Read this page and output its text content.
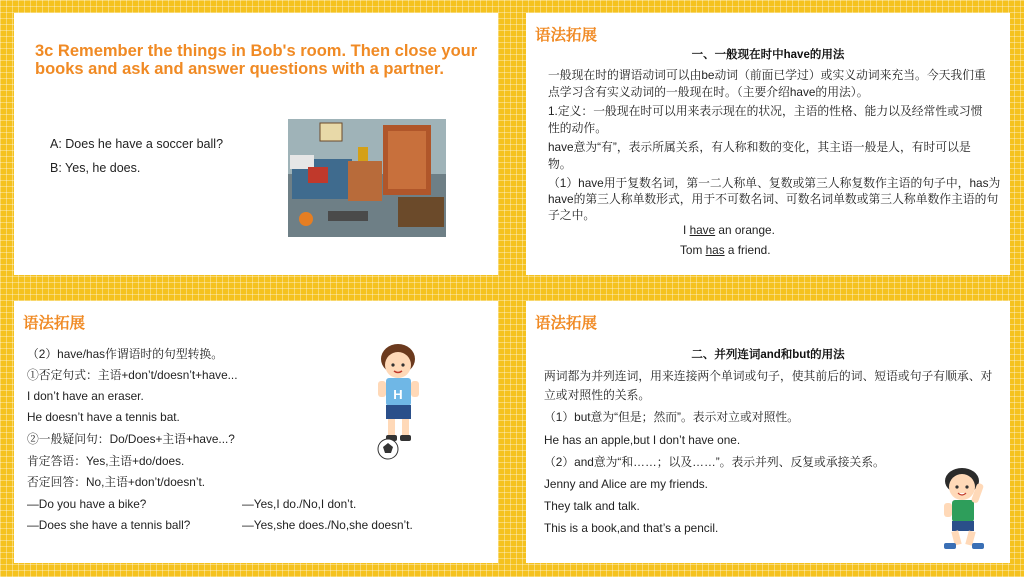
3c Remember the things in Bob's room. Then close your books and ask and answer questions with a partner.
A: Does he have a soccer ball?
B: Yes, he does.
语法拓展
一、一般现在时中have的用法
一般现在时的谓语动词可以由be动词（前面已学过）或实义动词来充当。今天我们重点学习含有实义动词的一般现在时。（主要介绍have的用法）。
1.定义：一般现在时可以用来表示现在的状况，主语的性格、能力以及经常性或习惯性的动作。
have意为“有”，表示所属关系，有人称和数的变化，其主语一般是人，有时可以是物。
（1）have用于复数名词，第一二人称单、复数或第三人称复数作主语的句子中，has为have的第三人称单数形式，用于不可数名词、可数名词单数或第三人称单数作主语的句子之中。
I have an orange.
Tom has a friend.
语法拓展
（2）have/has作谓语时的句型转换。
①否定句式：主语+don’t/doesn’t+have...
I don’t have an eraser.
He doesn’t have a tennis bat.
②一般疑问句：Do/Does+主语+have...?
肯定答语：Yes,主语+do/does.
否定回答：No,主语+don’t/doesn’t.
—Do you have a bike?	—Yes,I do./No,I don’t.
—Does she have a tennis ball?	—Yes,she does./No,she doesn’t.
H
语法拓展
二、并列连词and和but的用法
两词都为并列连词，用来连接两个单词或句子，使其前后的词、短语或句子有顺承、对立或对照性的关系。
（1）but意为“但是；然而”。表示对立或对照性。
He has an apple,but I don’t have one.
（2）and意为“和……；以及……”。表示并列、反复或承接关系。
Jenny and Alice are my friends.
They talk and talk.
This is a book,and that’s a pencil.
